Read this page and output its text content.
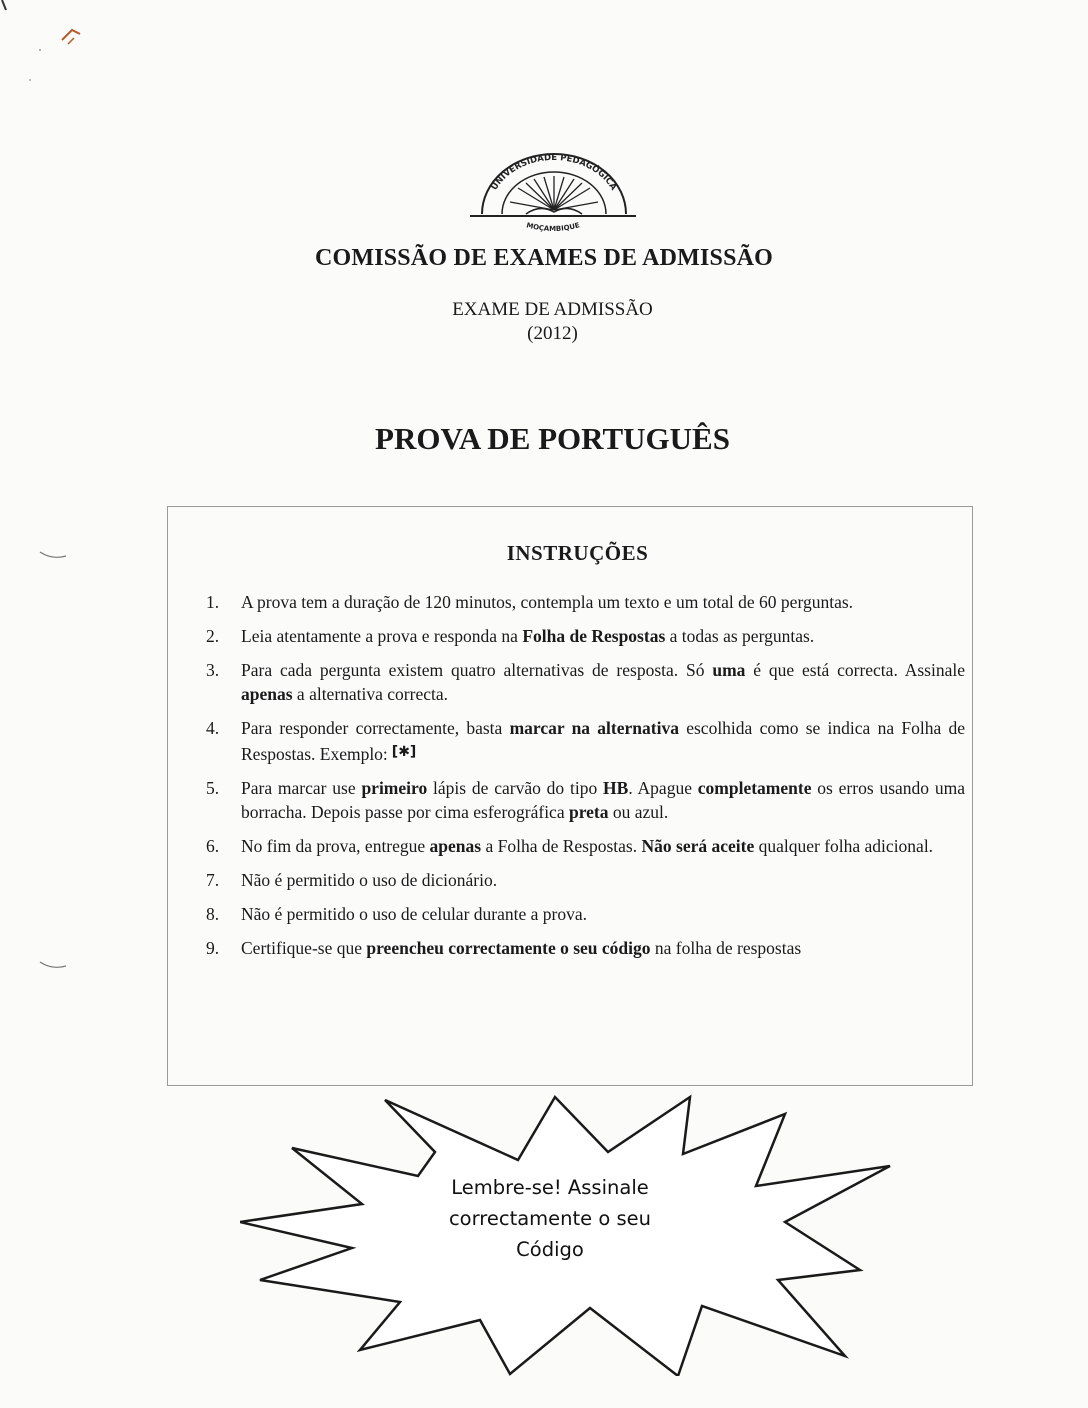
UNIVERSIDADE PEDAGÓGICA
MOÇAMBIQUE
COMISSÃO DE EXAMES DE ADMISSÃO
EXAME DE ADMISSÃO
(2012)
PROVA DE PORTUGUÊS
INSTRUÇÕES
1. A prova tem a duração de 120 minutos, contempla um texto e um total de 60 perguntas.
2. Leia atentamente a prova e responda na Folha de Respostas a todas as perguntas.
3. Para cada pergunta existem quatro alternativas de resposta. Só uma é que está correcta. Assinale apenas a alternativa correcta.
4. Para responder correctamente, basta marcar na alternativa escolhida como se indica na Folha de Respostas. Exemplo: [✱]
5. Para marcar use primeiro lápis de carvão do tipo HB. Apague completamente os erros usando uma borracha. Depois passe por cima esferográfica preta ou azul.
6. No fim da prova, entregue apenas a Folha de Respostas. Não será aceite qualquer folha adicional.
7. Não é permitido o uso de dicionário.
8. Não é permitido o uso de celular durante a prova.
9. Certifique-se que preencheu correctamente o seu código na folha de respostas
Lembre-se! Assinale
correctamente o seu
Código
